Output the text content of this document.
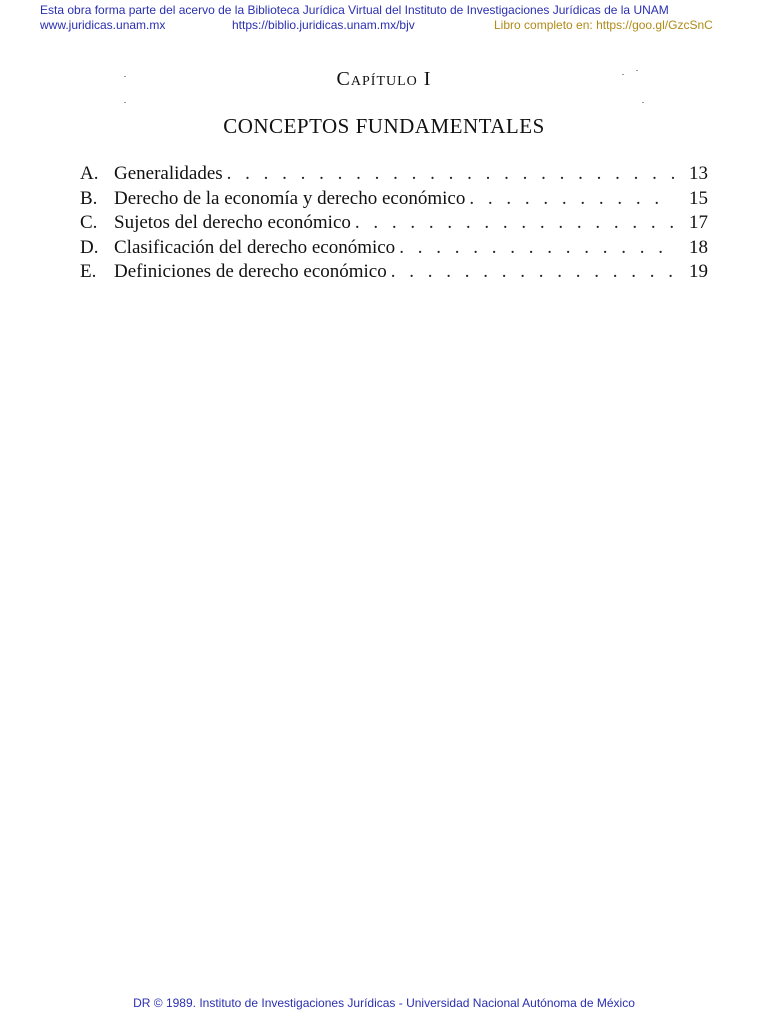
Esta obra forma parte del acervo de la Biblioteca Jurídica Virtual del Instituto de Investigaciones Jurídicas de la UNAM
www.juridicas.unam.mx	https://biblio.juridicas.unam.mx/bjv	Libro completo en: https://goo.gl/GzcSnC
Capítulo I
CONCEPTOS FUNDAMENTALES
A. Generalidades . . .	13
B. Derecho de la economía y derecho económico . . .	15
C. Sujetos del derecho económico . . .	17
D. Clasificación del derecho económico . . .	18
E. Definiciones de derecho económico . . .	19
DR © 1989. Instituto de Investigaciones Jurídicas - Universidad Nacional Autónoma de México
